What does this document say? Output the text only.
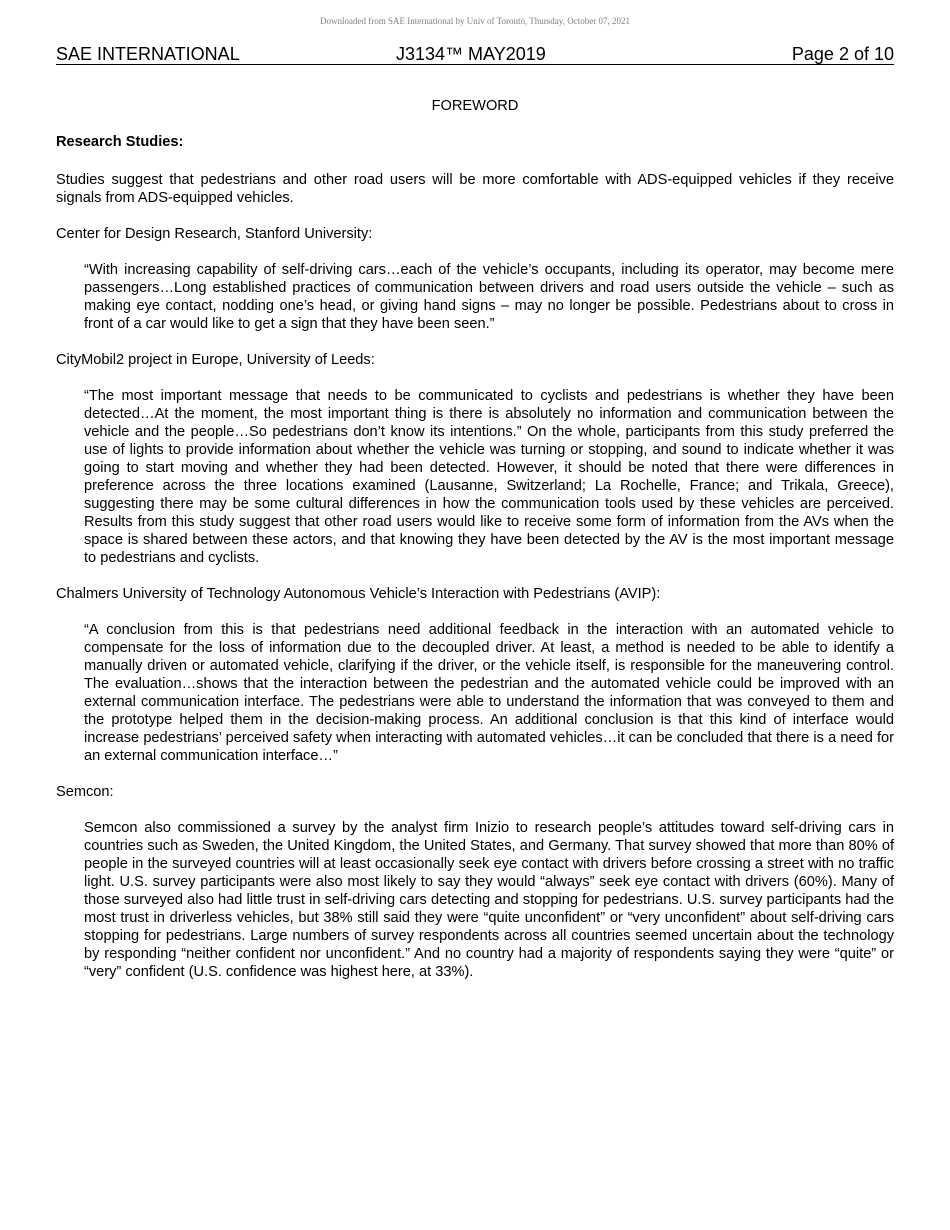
Downloaded from SAE International by Univ of Toronto, Thursday, October 07, 2021
SAE INTERNATIONAL	J3134™ MAY2019	Page 2 of 10

FOREWORD

Research Studies:

Studies suggest that pedestrians and other road users will be more comfortable with ADS-equipped vehicles if they receive signals from ADS-equipped vehicles.

Center for Design Research, Stanford University:

“With increasing capability of self-driving cars…each of the vehicle’s occupants, including its operator, may become mere passengers…Long established practices of communication between drivers and road users outside the vehicle – such as making eye contact, nodding one’s head, or giving hand signs – may no longer be possible. Pedestrians about to cross in front of a car would like to get a sign that they have been seen.”

CityMobil2 project in Europe, University of Leeds:

“The most important message that needs to be communicated to cyclists and pedestrians is whether they have been detected…At the moment, the most important thing is there is absolutely no information and communication between the vehicle and the people…So pedestrians don’t know its intentions.” On the whole, participants from this study preferred the use of lights to provide information about whether the vehicle was turning or stopping, and sound to indicate whether it was going to start moving and whether they had been detected. However, it should be noted that there were differences in preference across the three locations examined (Lausanne, Switzerland; La Rochelle, France; and Trikala, Greece), suggesting there may be some cultural differences in how the communication tools used by these vehicles are perceived. Results from this study suggest that other road users would like to receive some form of information from the AVs when the space is shared between these actors, and that knowing they have been detected by the AV is the most important message to pedestrians and cyclists.

Chalmers University of Technology Autonomous Vehicle’s Interaction with Pedestrians (AVIP):

“A conclusion from this is that pedestrians need additional feedback in the interaction with an automated vehicle to compensate for the loss of information due to the decoupled driver. At least, a method is needed to be able to identify a manually driven or automated vehicle, clarifying if the driver, or the vehicle itself, is responsible for the maneuvering control. The evaluation…shows that the interaction between the pedestrian and the automated vehicle could be improved with an external communication interface. The pedestrians were able to understand the information that was conveyed to them and the prototype helped them in the decision-making process. An additional conclusion is that this kind of interface would increase pedestrians’ perceived safety when interacting with automated vehicles…it can be concluded that there is a need for an external communication interface…”

Semcon:

Semcon also commissioned a survey by the analyst firm Inizio to research people’s attitudes toward self-driving cars in countries such as Sweden, the United Kingdom, the United States, and Germany. That survey showed that more than 80% of people in the surveyed countries will at least occasionally seek eye contact with drivers before crossing a street with no traffic light. U.S. survey participants were also most likely to say they would “always” seek eye contact with drivers (60%). Many of those surveyed also had little trust in self-driving cars detecting and stopping for pedestrians. U.S. survey participants had the most trust in driverless vehicles, but 38% still said they were “quite unconfident” or “very unconfident” about self-driving cars stopping for pedestrians. Large numbers of survey respondents across all countries seemed uncertain about the technology by responding “neither confident nor unconfident.” And no country had a majority of respondents saying they were “quite” or “very” confident (U.S. confidence was highest here, at 33%).
